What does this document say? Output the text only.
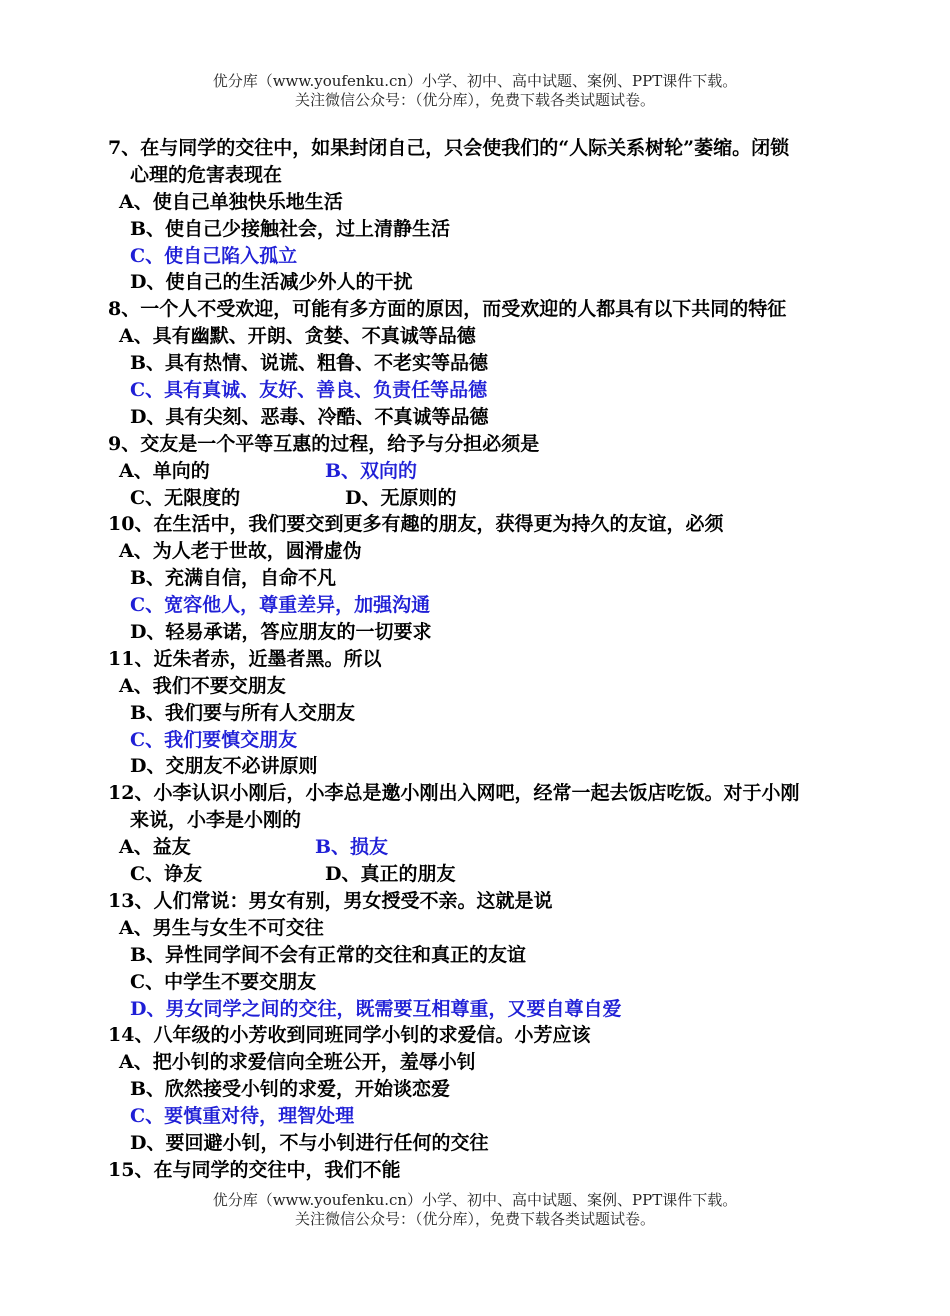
优分库（www.youfenku.cn）小学、初中、高中试题、案例、PPT课件下载。
关注微信公众号：（优分库），免费下载各类试题试卷。
7、在与同学的交往中，如果封闭自己，只会使我们的“人际关系树轮”萎缩。闭锁
心理的危害表现在
A、使自己单独快乐地生活
B、使自己少接触社会，过上清静生活
C、使自己陷入孤立
D、使自己的生活减少外人的干扰
8、一个人不受欢迎，可能有多方面的原因，而受欢迎的人都具有以下共同的特征
A、具有幽默、开朗、贪婪、不真诚等品德
B、具有热情、说谎、粗鲁、不老实等品德
C、具有真诚、友好、善良、负责任等品德
D、具有尖刻、恶毒、冷酷、不真诚等品德
9、交友是一个平等互惠的过程，给予与分担必须是
A、单向的	B、双向的
C、无限度的	D、无原则的
10、在生活中，我们要交到更多有趣的朋友，获得更为持久的友谊，必须
A、为人老于世故，圆滑虚伪
B、充满自信，自命不凡
C、宽容他人，尊重差异，加强沟通
D、轻易承诺，答应朋友的一切要求
11、近朱者赤，近墨者黑。所以
A、我们不要交朋友
B、我们要与所有人交朋友
C、我们要慎交朋友
D、交朋友不必讲原则
12、小李认识小刚后，小李总是邀小刚出入网吧，经常一起去饭店吃饭。对于小刚
来说，小李是小刚的
A、益友	B、损友
C、诤友	D、真正的朋友
13、人们常说：男女有别，男女授受不亲。这就是说
A、男生与女生不可交往
B、异性同学间不会有正常的交往和真正的友谊
C、中学生不要交朋友
D、男女同学之间的交往，既需要互相尊重，又要自尊自爱
14、八年级的小芳收到同班同学小钊的求爱信。小芳应该
A、把小钊的求爱信向全班公开，羞辱小钊
B、欣然接受小钊的求爱，开始谈恋爱
C、要慎重对待，理智处理
D、要回避小钊，不与小钊进行任何的交往
15、在与同学的交往中，我们不能
优分库（www.youfenku.cn）小学、初中、高中试题、案例、PPT课件下载。
关注微信公众号：（优分库），免费下载各类试题试卷。
